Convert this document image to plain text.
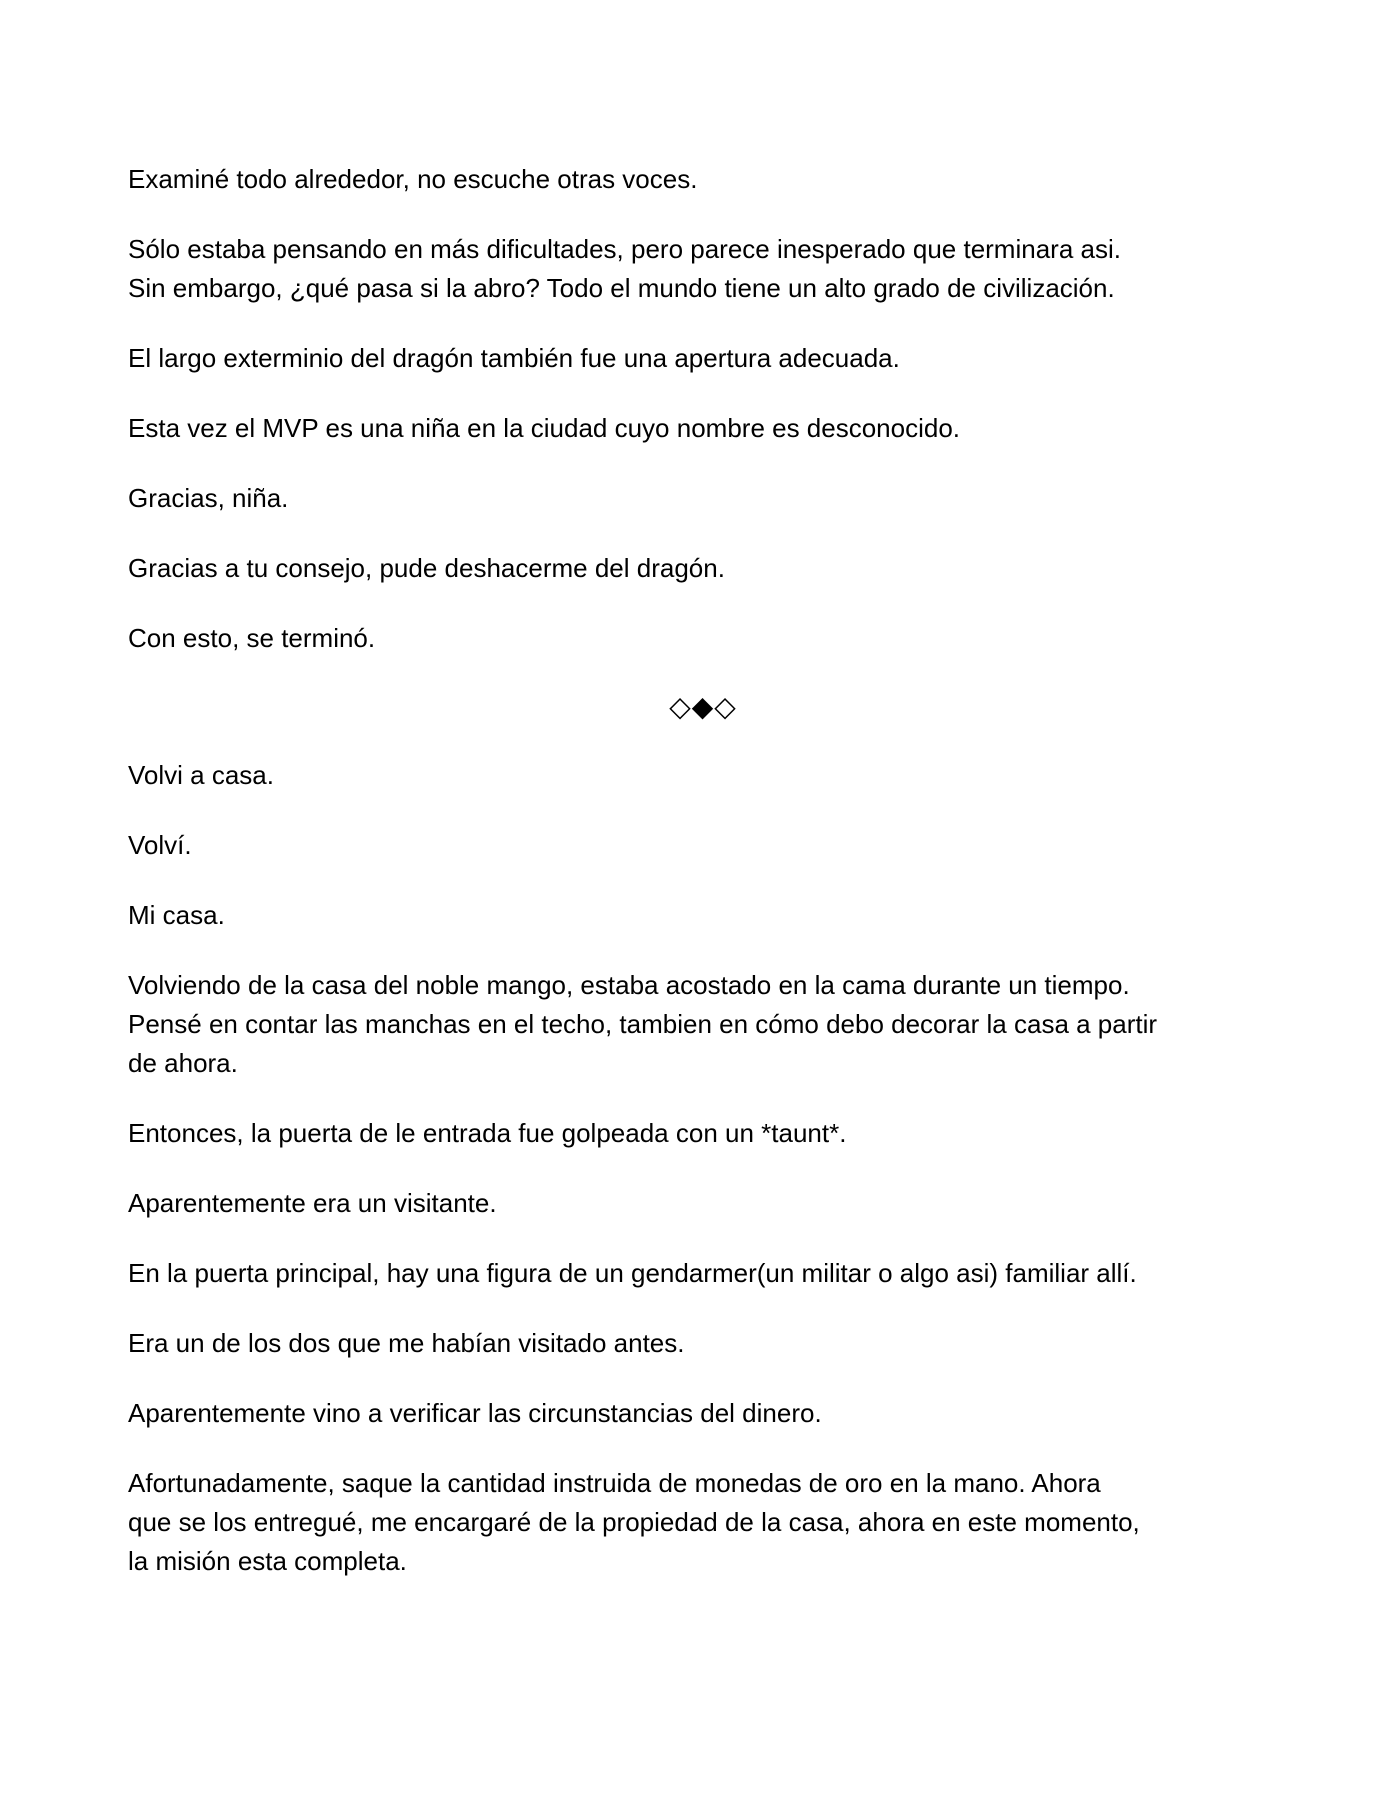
Examiné todo alrededor, no escuche otras voces.

Sólo estaba pensando en más dificultades, pero parece inesperado que terminara asi.
Sin embargo, ¿qué pasa si la abro? Todo el mundo tiene un alto grado de civilización.

El largo exterminio del dragón también fue una apertura adecuada.

Esta vez el MVP es una niña en la ciudad cuyo nombre es desconocido.

Gracias, niña.

Gracias a tu consejo, pude deshacerme del dragón.

Con esto, se terminó.

◇◆◇

Volvi a casa.

Volví.

Mi casa.

Volviendo de la casa del noble mango, estaba acostado en la cama durante un tiempo.
Pensé en contar las manchas en el techo, tambien en cómo debo decorar la casa a partir
de ahora.

Entonces, la puerta de le entrada fue golpeada con un *taunt*.

Aparentemente era un visitante.

En la puerta principal, hay una figura de un gendarmer(un militar o algo asi) familiar allí.

Era un de los dos que me habían visitado antes.

Aparentemente vino a verificar las circunstancias del dinero.

Afortunadamente, saque la cantidad instruida de monedas de oro en la mano. Ahora
que se los entregué, me encargaré de la propiedad de la casa, ahora en este momento,
la misión esta completa.
